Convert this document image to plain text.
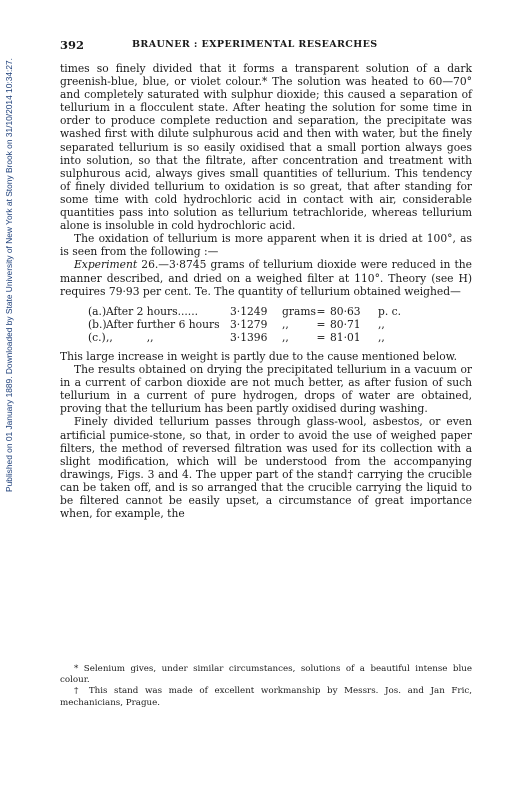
Published on 01 January 1889. Downloaded by State University of New York at Stony Brook on 31/10/2014 10:34:27.
392	BRAUNER : EXPERIMENTAL RESEARCHES

times so finely divided that it forms a transparent solution of a dark greenish-blue, blue, or violet colour.* The solution was heated to 60—70° and completely saturated with sulphur dioxide; this caused a separation of tellurium in a flocculent state. After heating the solution for some time in order to produce complete reduction and separation, the precipitate was washed first with dilute sulphurous acid and then with water, but the finely separated tellurium is so easily oxidised that a small portion always goes into solution, so that the filtrate, after concentration and treatment with sulphurous acid, always gives small quantities of tellurium. This tendency of finely divided tellurium to oxidation is so great, that after standing for some time with cold hydrochloric acid in contact with air, considerable quantities pass into solution as tellurium tetrachloride, whereas tellurium alone is insoluble in cold hydrochloric acid.

The oxidation of tellurium is more apparent when it is dried at 100°, as is seen from the following :—

Experiment 26.—3·8745 grams of tellurium dioxide were reduced in the manner described, and dried on a weighed filter at 110°. Theory (see H) requires 79·93 per cent. Te. The quantity of tellurium obtained weighed—

(a.) After 2 hours......	3·1249	grams = 80·63	p. c.
(b.) After further 6 hours 3·1279	,,	= 80·71	,,
(c.) ,,          ,,	3·1396	,,	= 81·01	,,

This large increase in weight is partly due to the cause mentioned below.

The results obtained on drying the precipitated tellurium in a vacuum or in a current of carbon dioxide are not much better, as after fusion of such tellurium in a current of pure hydrogen, drops of water are obtained, proving that the tellurium has been partly oxidised during washing.

Finely divided tellurium passes through glass-wool, asbestos, or even artificial pumice-stone, so that, in order to avoid the use of weighed paper filters, the method of reversed filtration was used for its collection with a slight modification, which will be understood from the accompanying drawings, Figs. 3 and 4. The upper part of the stand† carrying the crucible can be taken off, and is so arranged that the crucible carrying the liquid to be filtered cannot be easily upset, a circumstance of great importance when, for example, the

* Selenium gives, under similar circumstances, solutions of a beautiful intense blue colour.

† This stand was made of excellent workmanship by Messrs. Jos. and Jan Fric, mechanicians, Prague.
